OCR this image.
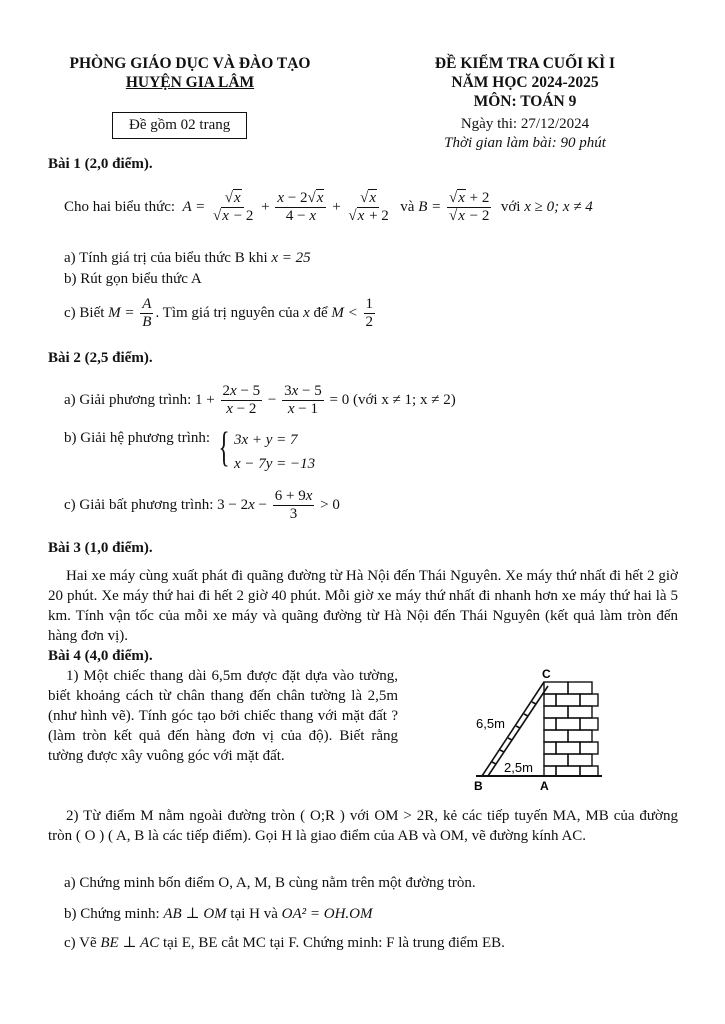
PHÒNG GIÁO DỤC VÀ ĐÀO TẠO
HUYỆN GIA LÂM
Đề gồm 02 trang
ĐỀ KIỂM TRA CUỐI KÌ I
NĂM HỌC 2024-2025
MÔN: TOÁN 9
Ngày thi: 27/12/2024
Thời gian làm bài: 90 phút
Bài 1 (2,0 điểm).
Cho hai biểu thức:  $A = \frac{√x}{√x - 2} + \frac{x - 2√x}{4 - x} + \frac{√x}{√x + 2}$ và $B = \frac{√x + 2}{√x - 2}$ với x ≥ 0; x ≠ 4
a) Tính giá trị của biểu thức B khi x = 25
b) Rút gọn biểu thức A
c) Biết $M = \frac{A}{B}$ . Tìm giá trị nguyên của x để $M < \frac{1}{2}$
Bài 2 (2,5 điểm).
a) Giải phương trình: $1 + \frac{2x - 5}{x - 2} - \frac{3x - 5}{x - 1} = 0$ (với x ≠ 1; x ≠ 2)
b) Giải hệ phương trình: { 3x + y = 7
x − 7y = −13
c) Giải bất phương trình: $3 - 2x - \frac{6 + 9x}{3} > 0$
Bài 3 (1,0 điểm).
Hai xe máy cùng xuất phát đi quãng đường từ Hà Nội đến Thái Nguyên. Xe máy thứ nhất đi hết 2 giờ 20 phút. Xe máy thứ hai đi hết 2 giờ 40 phút. Mỗi giờ xe máy thứ nhất đi nhanh hơn xe máy thứ hai là 5 km. Tính vận tốc của mỗi xe máy và quãng đường từ Hà Nội đến Thái Nguyên (kết quả làm tròn đến hàng đơn vị).
Bài 4 (4,0 điểm).
1) Một chiếc thang dài 6,5m được đặt dựa vào tường, biết khoảng cách từ chân thang đến chân tường là 2,5m (như hình vẽ). Tính góc tạo bởi chiếc thang với mặt đất ? (làm tròn kết quả đến hàng đơn vị của độ). Biết rằng tường được xây vuông góc với mặt đất.
C
6,5m
2,5m
B	A
2) Từ điểm M nằm ngoài đường tròn ( O;R ) với OM > 2R, kẻ các tiếp tuyến MA, MB của đường tròn ( O ) ( A, B là các tiếp điểm). Gọi H là giao điểm của AB và OM, vẽ đường kính AC.
a) Chứng minh bốn điểm O, A, M, B cùng nằm trên một đường tròn.
b) Chứng minh: AB ⊥ OM tại H và OA² = OH.OM
c) Vẽ BE ⊥ AC tại E, BE cắt MC tại F. Chứng minh: F là trung điểm EB.
